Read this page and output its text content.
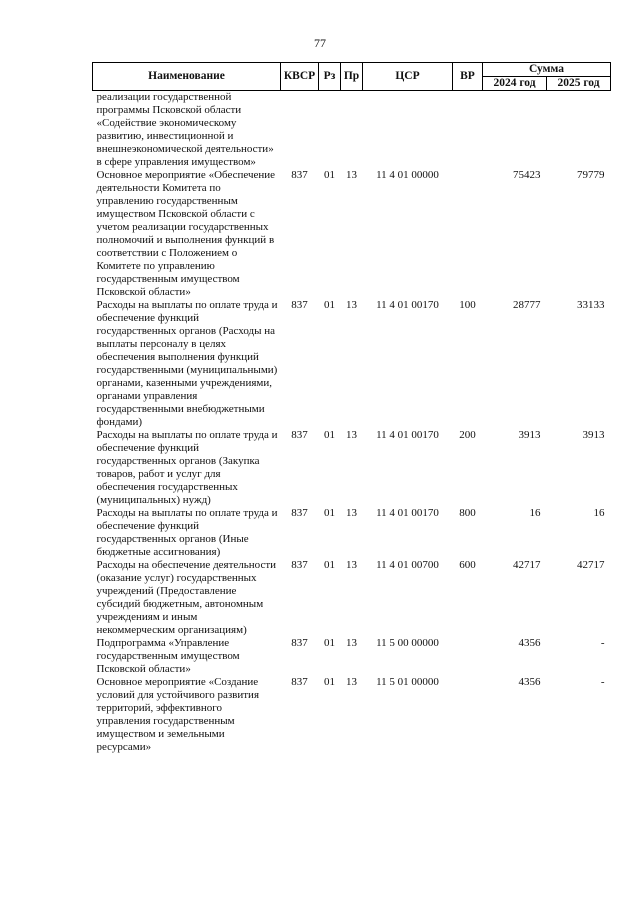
77
Наименование	КВСР	Рз	Пр	ЦСР	ВР	Сумма	
						2024 год	2025 год
реализации государственной программы Псковской области «Содействие экономическому развитию, инвестиционной и внешнеэкономической деятельности» в сфере управления имуществом»							
Основное мероприятие «Обеспечение деятельности Комитета по управлению государственным имуществом Псковской области с учетом реализации государственных полномочий и выполнения функций в соответствии с Положением о Комитете по управлению государственным имуществом Псковской области»	837	01	13	11 4 01 00000		75423	79779
Расходы на выплаты по оплате труда и обеспечение функций государственных органов (Расходы на выплаты персоналу в целях обеспечения выполнения функций государственными (муниципальными) органами, казенными учреждениями, органами управления государственными внебюджетными фондами)	837	01	13	11 4 01 00170	100	28777	33133
Расходы на выплаты по оплате труда и обеспечение функций государственных органов (Закупка товаров, работ и услуг для обеспечения государственных (муниципальных) нужд)	837	01	13	11 4 01 00170	200	3913	3913
Расходы на выплаты по оплате труда и обеспечение функций государственных органов (Иные бюджетные ассигнования)	837	01	13	11 4 01 00170	800	16	16
Расходы на обеспечение деятельности (оказание услуг) государственных учреждений (Предоставление субсидий бюджетным, автономным учреждениям и иным некоммерческим организациям)	837	01	13	11 4 01 00700	600	42717	42717
Подпрограмма «Управление государственным имуществом Псковской области»	837	01	13	11 5 00 00000		4356	-
Основное мероприятие «Создание условий для устойчивого развития территорий, эффективного управления государственным имуществом и земельными ресурсами»	837	01	13	11 5 01 00000		4356	-
